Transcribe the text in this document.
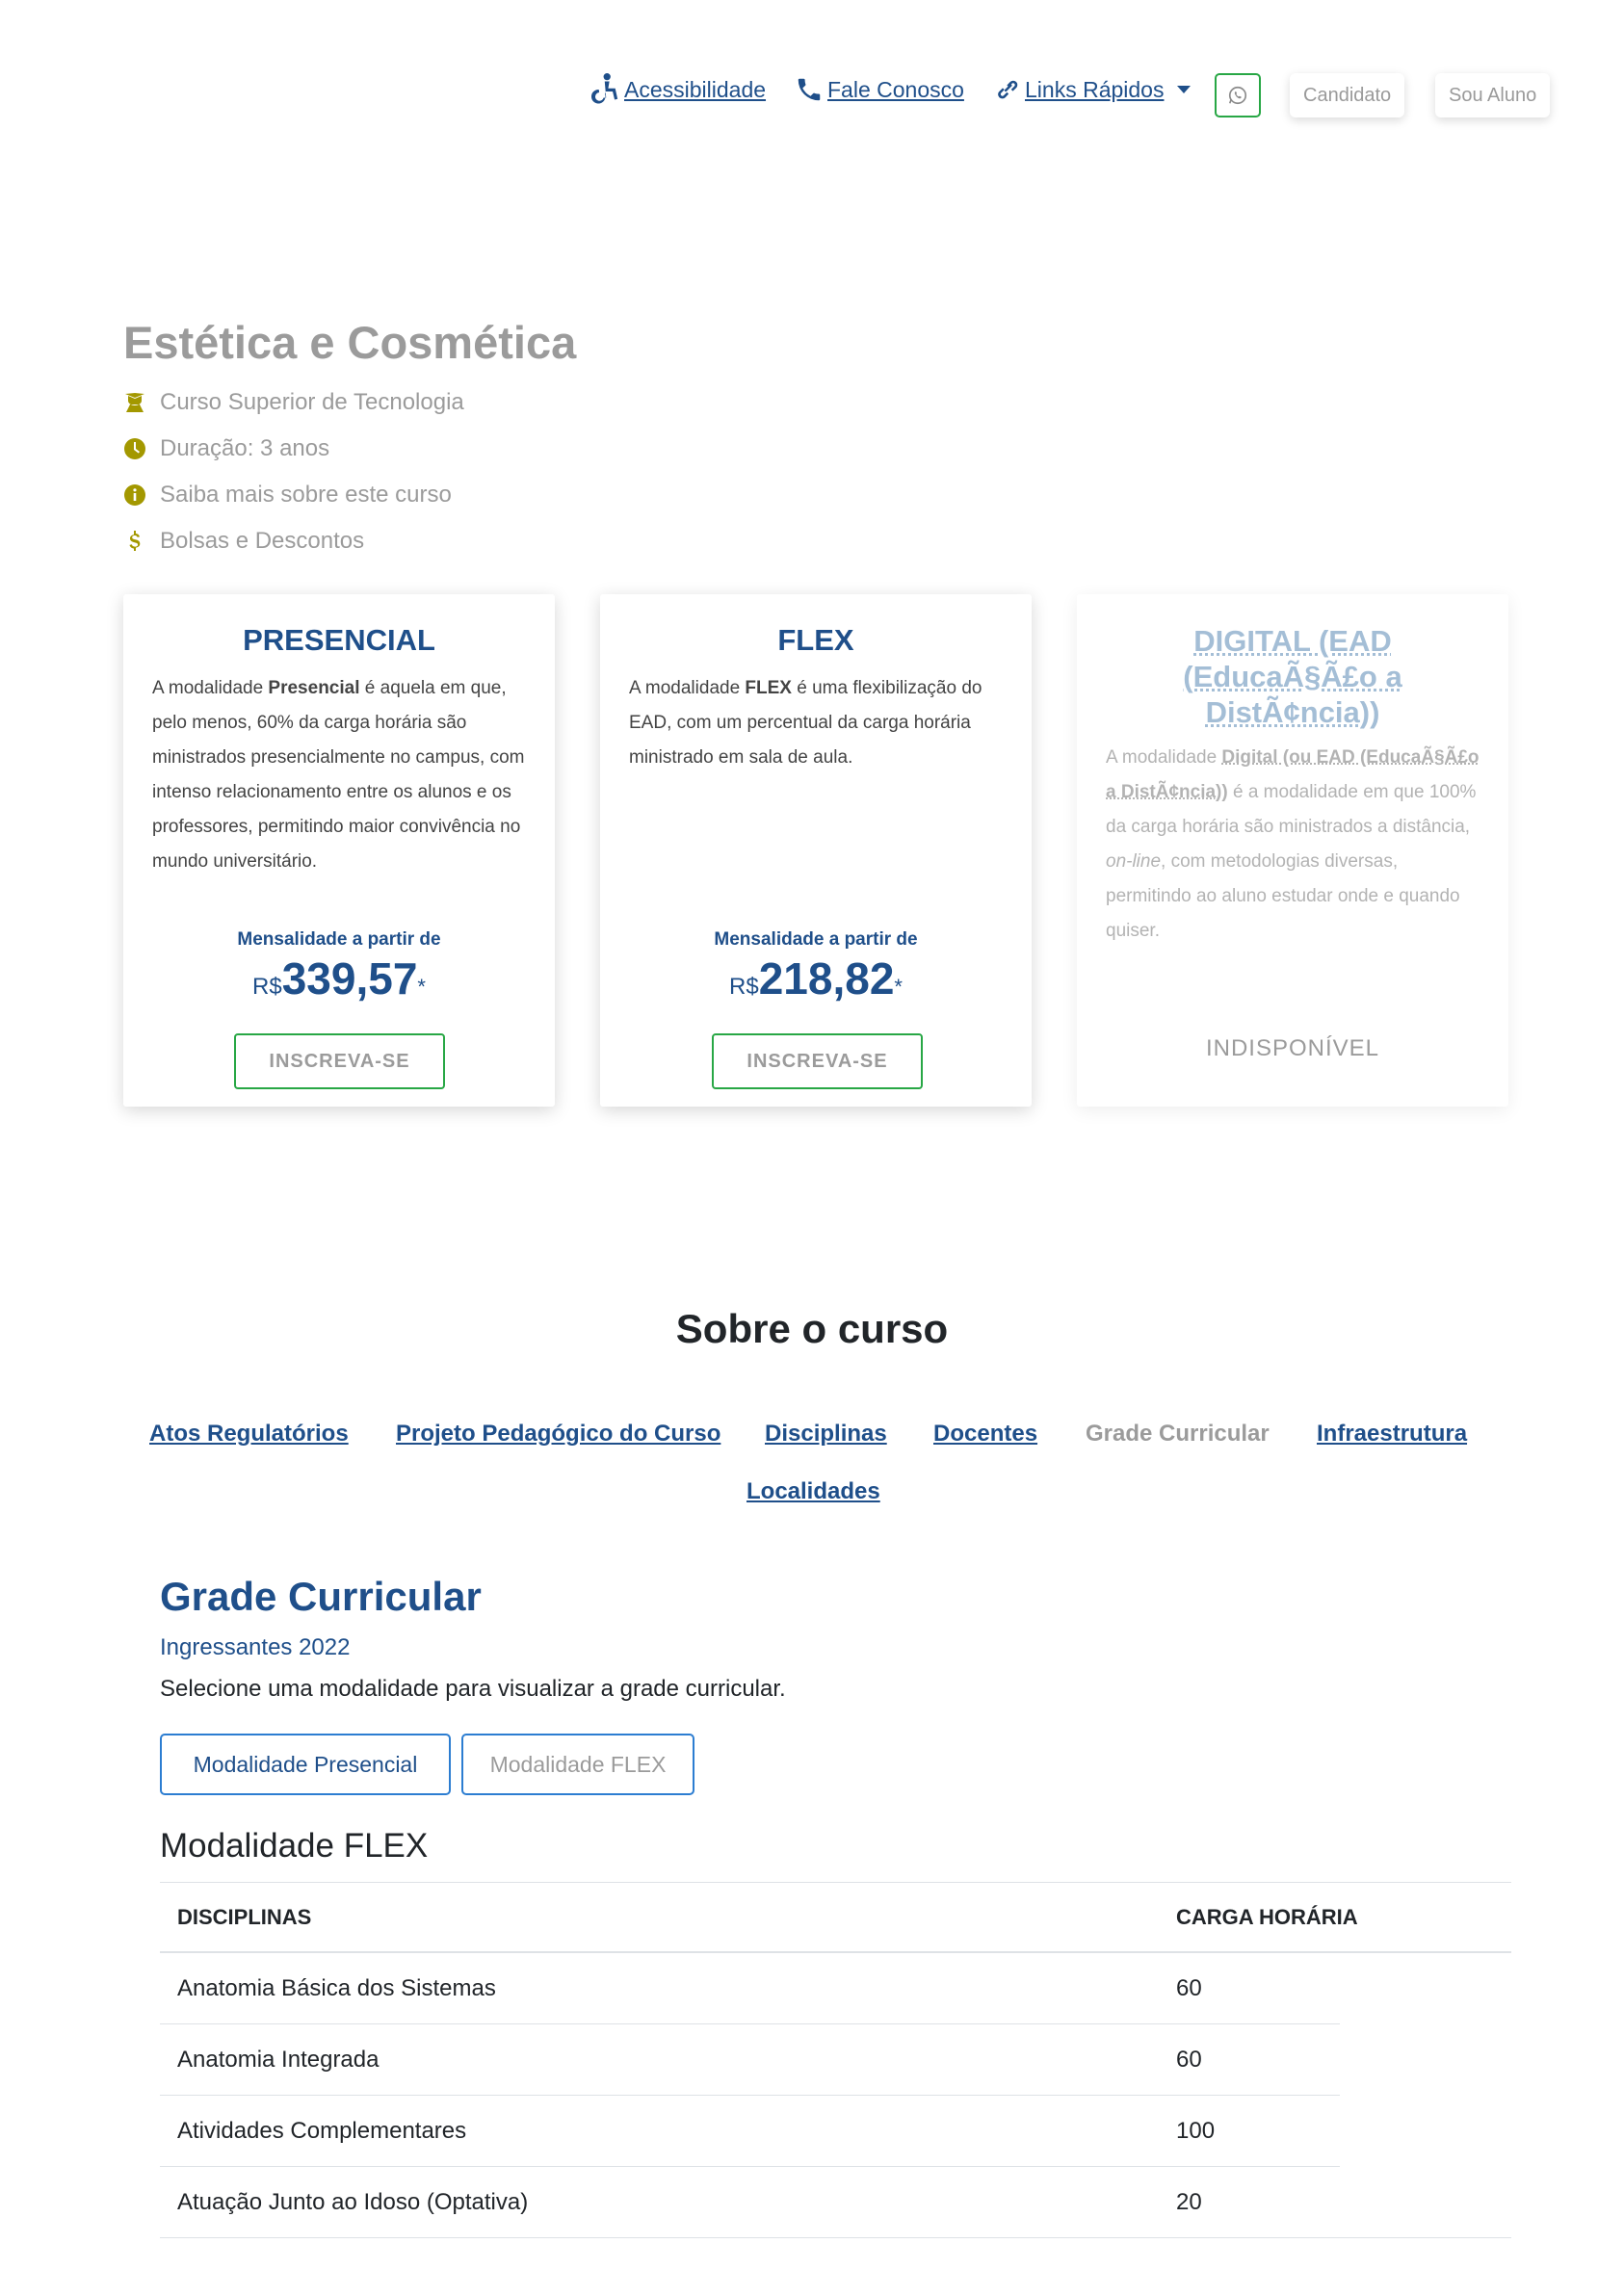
Acessibilidade	Fale Conosco	Links Rápidos	Candidato	Sou Aluno
Estética e Cosmética
Curso Superior de Tecnologia
Duração: 3 anos
Saiba mais sobre este curso
Bolsas e Descontos
PRESENCIAL
A modalidade Presencial é aquela em que, pelo menos, 60% da carga horária são ministrados presencialmente no campus, com intenso relacionamento entre os alunos e os professores, permitindo maior convivência no mundo universitário.
Mensalidade a partir de
R$339,57*
INSCREVA-SE
FLEX
A modalidade FLEX é uma flexibilização do EAD, com um percentual da carga horária ministrado em sala de aula.
Mensalidade a partir de
R$218,82*
INSCREVA-SE
DIGITAL (EAD (EducaÃ§Ã£o a DistÃ¢ncia))
A modalidade Digital (ou EAD (EducaÃ§Ã£o a DistÃ¢ncia)) é a modalidade em que 100% da carga horária são ministrados a distância, on-line, com metodologias diversas, permitindo ao aluno estudar onde e quando quiser.
INDISPONÍVEL
Sobre o curso
Atos Regulatórios Projeto Pedagógico do Curso Disciplinas Docentes Grade Curricular Infraestrutura
Localidades
Grade Curricular
Ingressantes 2022
Selecione uma modalidade para visualizar a grade curricular.
Modalidade Presencial	Modalidade FLEX
Modalidade FLEX
DISCIPLINAS	CARGA HORÁRIA
Anatomia Básica dos Sistemas	60
Anatomia Integrada	60
Atividades Complementares	100
Atuação Junto ao Idoso (Optativa)	20
